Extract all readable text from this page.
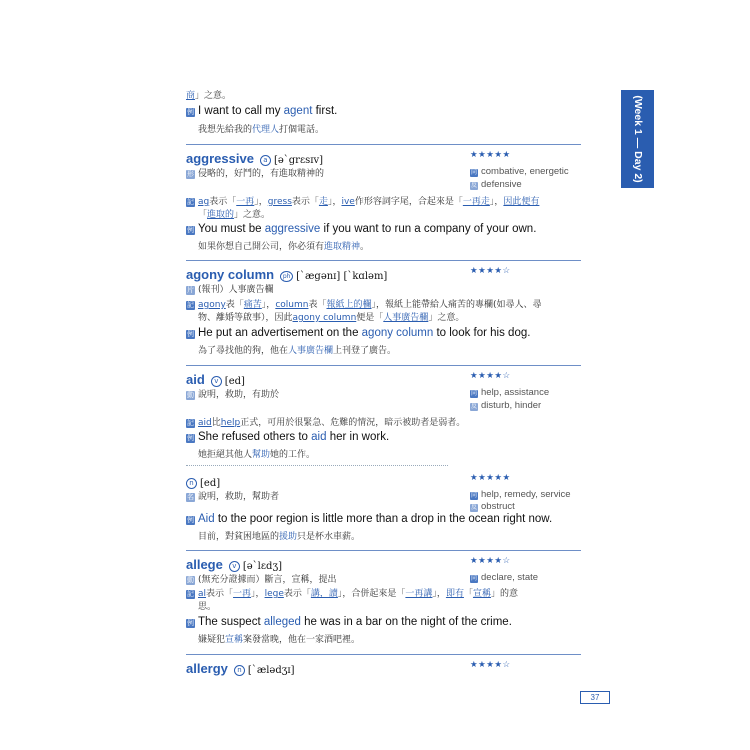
(Week 1 — Day 2)
商」之意。
例 I want to call my agent first.
我想先給我的代理人打個電話。
aggressive a [ə`grɛsɪv]	★★★★★
形 侵略的，好鬥的，有進取精神的	同 combative, energetic
反 defensive
記 ag表示「一再」，gress表示「走」，ive作形容詞字尾，合起來是「一再走」，因此便有
「進取的」之意。
例 You must be aggressive if you want to run a company of your own.
如果你想自己開公司，你必須有進取精神。
agony column ph [`ægənɪ] [`kɑləm]	★★★★☆
片 (報刊）人事廣告欄
記 agony表「痛苦」，column表「報紙上的欄」，報紙上能帶給人痛苦的專欄(如尋人、尋
物、離婚等啟事），因此agony column便是「人事廣告欄」之意。
例 He put an advertisement on the agony column to look for his dog.
為了尋找他的狗，他在人事廣告欄上刊登了廣告。
aid v [ed]	★★★★☆
動 說明，救助，有助於	同 help, assistance
反 disturb, hinder
記 aid比help正式，可用於很緊急、危難的情況，暗示被助者是弱者。
例 She refused others to aid her in work.
她拒絕其他人幫助她的工作。
n [ed]	★★★★★
名 說明，救助，幫助者	同 help, remedy, service
反 obstruct
例 Aid to the poor region is little more than a drop in the ocean right now.
目前，對貧困地區的援助只是杯水車薪。
allege v [ə`lɛdʒ]	★★★★☆
動 (無充分證據而）斷言，宣稱，提出	同 declare, state
記 al表示「一再」，lege表示「講，讀」，合併起來是「一再講」，即有「宣稱」的意
思。
例 The suspect alleged he was in a bar on the night of the crime.
嫌疑犯宣稱案發當晚，他在一家酒吧裡。
allergy n [`ælədʒɪ]	★★★★☆
37
